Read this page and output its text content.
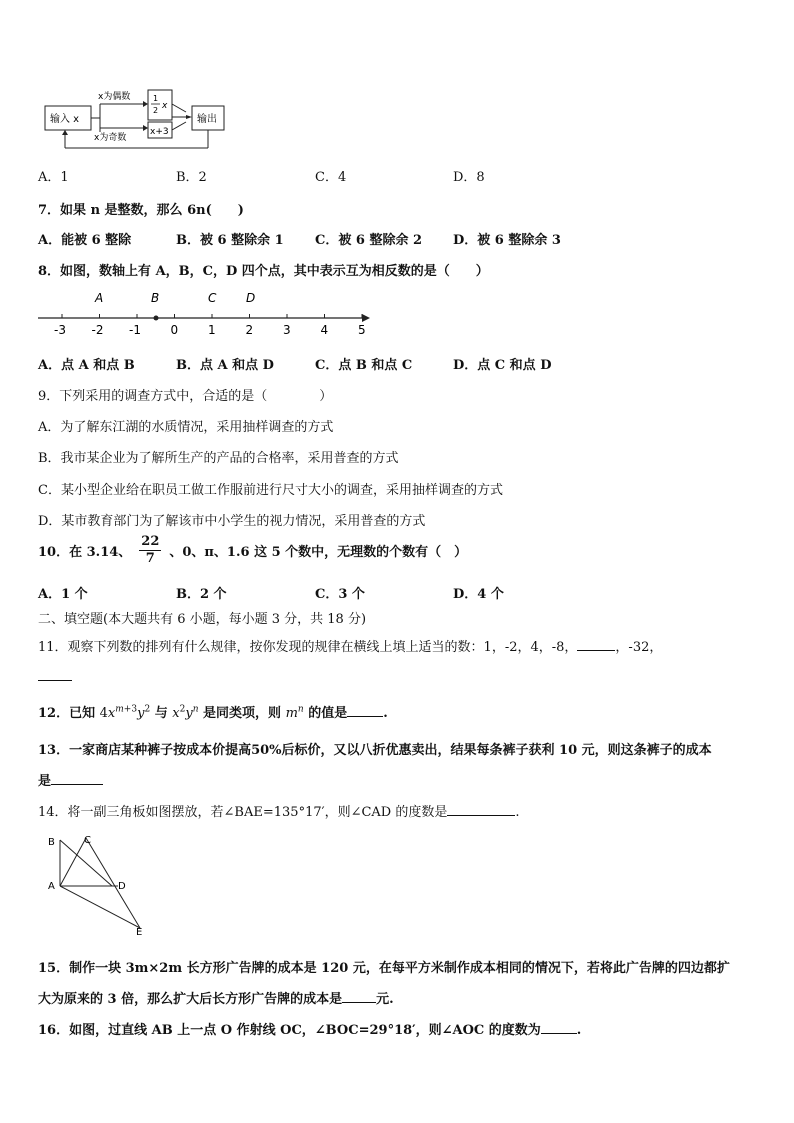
输入 x
x为偶数
x为奇数
1
2 x
x+3
输出
A．1	B．2	C．4	D．8
7．如果 n 是整数，那么 6n(　　)
A．能被 6 整除	B．被 6 整除余 1 C．被 6 整除余 2 D．被 6 整除余 3
8．如图，数轴上有 A，B，C，D 四个点，其中表示互为相反数的是（　　）
-3 -2 -1 0 1 2 3 4 5
A	B	C D
A．点 A 和点 B	B．点 A 和点 D	C．点 B 和点 C	D．点 C 和点 D
9．下列采用的调查方式中，合适的是（　　　　）
A．为了解东江湖的水质情况，采用抽样调查的方式
B．我市某企业为了解所生产的产品的合格率，采用普查的方式
C．某小型企业给在职员工做工作服前进行尺寸大小的调查，采用抽样调查的方式
D．某市教育部门为了解该市中小学生的视力情况，采用普查的方式
10．在 3.14、 $\frac{22}{7}$ 、0、π、1.6 这 5 个数中，无理数的个数有（　）
A．1 个	B．2 个	C．3 个	D．4 个
二、填空题(本大题共有 6 小题，每小题 3 分，共 18 分)
11．观察下列数的排列有什么规律，按你发现的规律在横线上填上适当的数：1，-2，4，-8，	，-32，
12．已知 $4x^{m+3}y^2$ 与 $x^2y^n$ 是同类项，则 $m^n$ 的值是	.
13．一家商店某种裤子按成本价提高50%后标价，又以八折优惠卖出，结果每条裤子获利 10 元，则这条裤子的成本
是
14．将一副三角板如图摆放，若∠BAE=135°17′，则∠CAD 的度数是	.
B	C
A	D
E
15．制作一块 3m×2m 长方形广告牌的成本是 120 元，在每平方米制作成本相同的情况下，若将此广告牌的四边都扩
大为原来的 3 倍，那么扩大后长方形广告牌的成本是	元.
16．如图，过直线 AB 上一点 O 作射线 OC，∠BOC=29°18′，则∠AOC 的度数为	.
